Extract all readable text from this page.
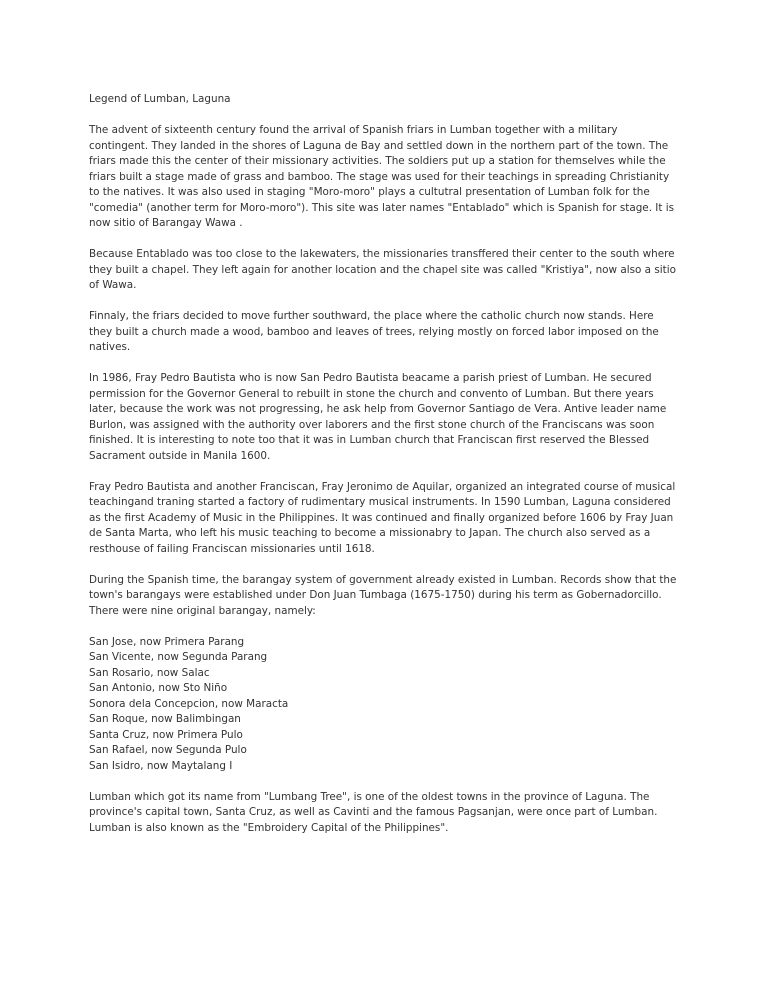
Legend of Lumban, Laguna

The advent of sixteenth century found the arrival of Spanish friars in Lumban together with a military contingent. They landed in the shores of Laguna de Bay and settled down in the northern part of the town. The friars made this the center of their missionary activities. The soldiers put up a station for themselves while the friars built a stage made of grass and bamboo. The stage was used for their teachings in spreading Christianity to the natives. It was also used in staging "Moro-moro" plays a cultutral presentation of Lumban folk for the "comedia" (another term for Moro-moro"). This site was later names "Entablado" which is Spanish for stage. It is now sitio of Barangay Wawa .

Because Entablado was too close to the lakewaters, the missionaries transffered their center to the south where they built a chapel. They left again for another location and the chapel site was called "Kristiya", now also a sitio of Wawa.

Finnaly, the friars decided to move further southward, the place where the catholic church now stands. Here they built a church made a wood, bamboo and leaves of trees, relying mostly on forced labor imposed on the natives.

In 1986, Fray Pedro Bautista who is now San Pedro Bautista beacame a parish priest of Lumban. He secured permission for the Governor General to rebuilt in stone the church and convento of Lumban. But there years later, because the work was not progressing, he ask help from Governor Santiago de Vera. Antive leader name Burlon, was assigned with the authority over laborers and the first stone church of the Franciscans was soon finished. It is interesting to note too that it was in Lumban church that Franciscan first reserved the Blessed Sacrament outside in Manila 1600.

Fray Pedro Bautista and another Franciscan, Fray Jeronimo de Aquilar, organized an integrated course of musical teachingand traning started a factory of rudimentary musical instruments. In 1590 Lumban, Laguna considered as the first Academy of Music in the Philippines. It was continued and finally organized before 1606 by Fray Juan de Santa Marta, who left his music teaching to become a missionabry to Japan. The church also served as a resthouse of failing Franciscan missionaries until 1618.

During the Spanish time, the barangay system of government already existed in Lumban. Records show that the town's barangays were established under Don Juan Tumbaga (1675-1750) during his term as Gobernadorcillo. There were nine original barangay, namely:

San Jose, now Primera Parang
San Vicente, now Segunda Parang
San Rosario, now Salac
San Antonio, now Sto Niño
Sonora dela Concepcion, now Maracta
San Roque, now Balimbingan
Santa Cruz, now Primera Pulo
San Rafael, now Segunda Pulo
San Isidro, now Maytalang I

Lumban which got its name from "Lumbang Tree", is one of the oldest towns in the province of Laguna. The province's capital town, Santa Cruz, as well as Cavinti and the famous Pagsanjan, were once part of Lumban. Lumban is also known as the "Embroidery Capital of the Philippines".
